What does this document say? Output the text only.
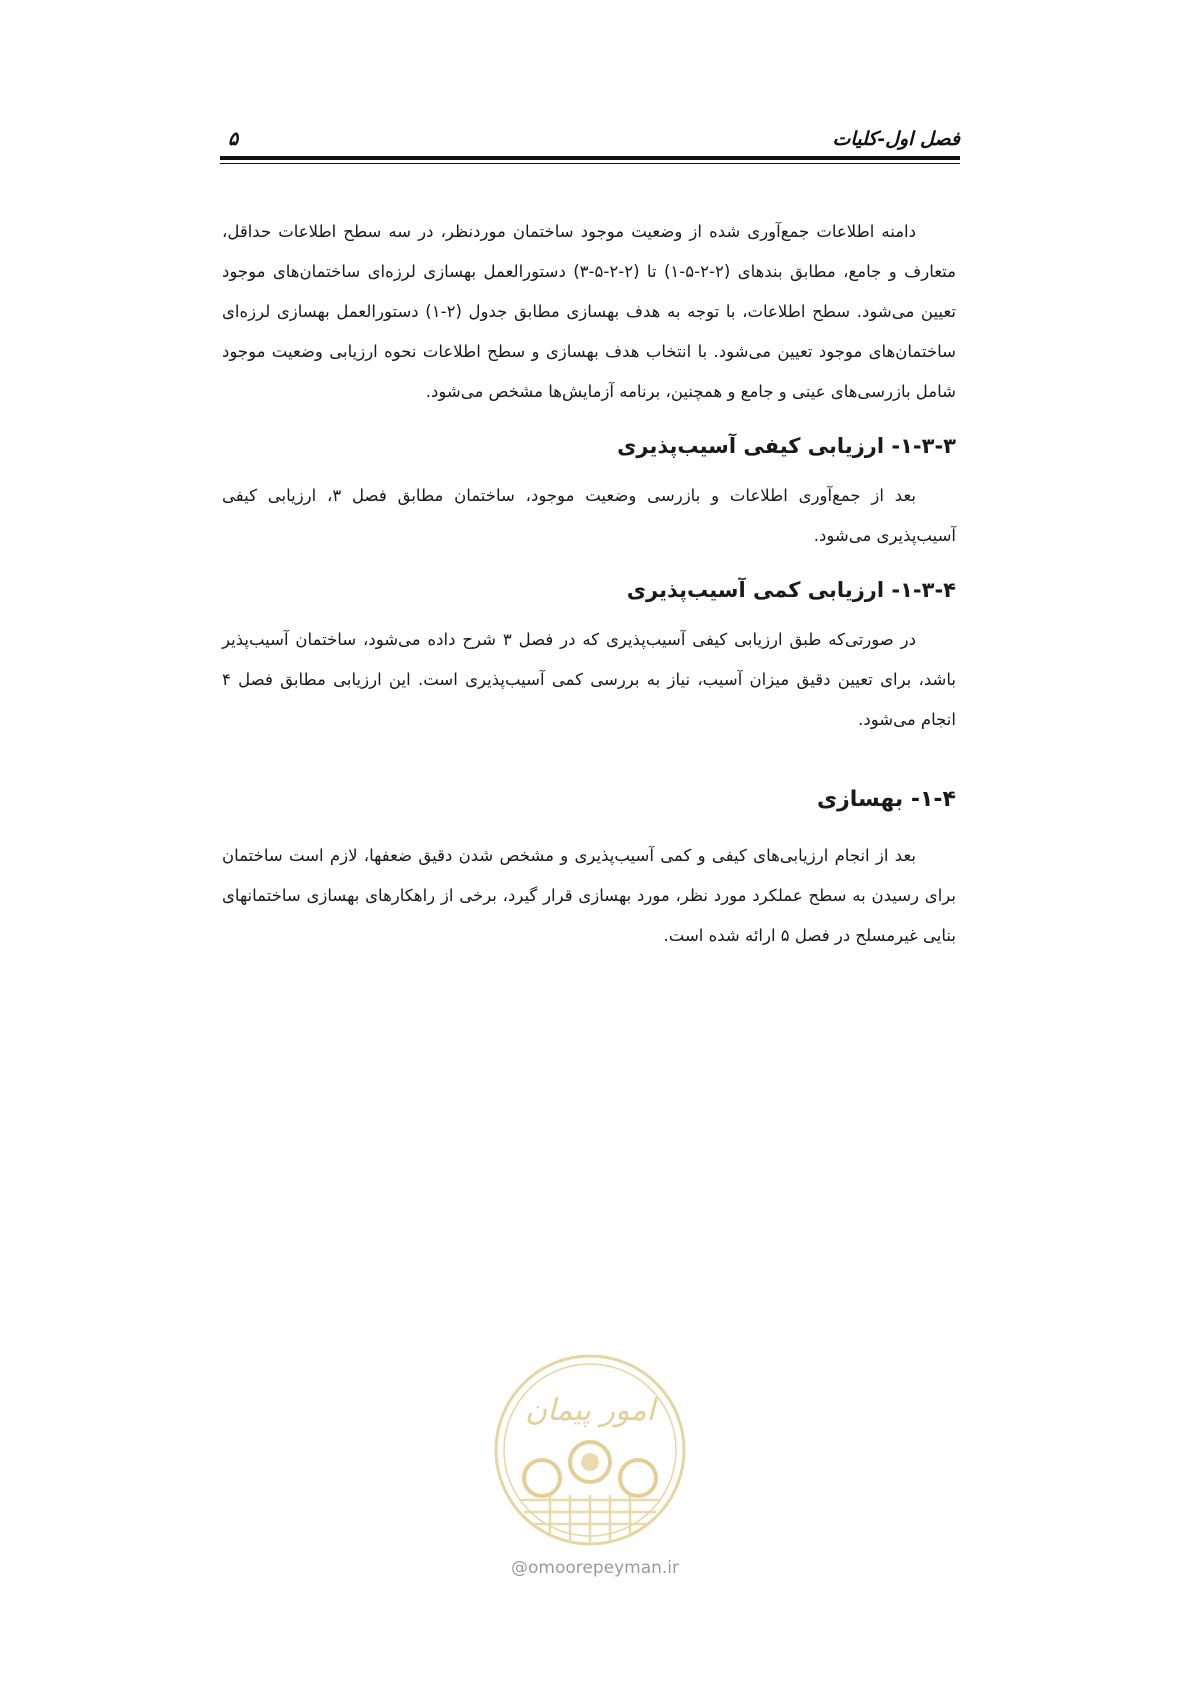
فصل اول-کلیات
۵

دامنه اطلاعات جمع‌آوری شده از وضعیت موجود ساختمان موردنظر، در سه سطح اطلاعات حداقل، متعارف و جامع، مطابق بندهای (۲-۲-۵-۱) تا (۲-۲-۵-۳) دستورالعمل بهسازی لرزه‌ای ساختمان‌های موجود تعیین می‌شود. سطح اطلاعات، با توجه به هدف بهسازی مطابق جدول (۲-۱) دستورالعمل بهسازی لرزه‌ای ساختمان‌های موجود تعیین می‌شود. با انتخاب هدف بهسازی و سطح اطلاعات نحوه ارزیابی وضعیت موجود شامل بازرسی‌های عینی و جامع و همچنین، برنامه آزمایش‌ها مشخص می‌شود.

۱-۳-۳- ارزیابی کیفی آسیب‌پذیری

بعد از جمع‌آوری اطلاعات و بازرسی وضعیت موجود، ساختمان مطابق فصل ۳، ارزیابی کیفی آسیب‌پذیری می‌شود.

۱-۳-۴- ارزیابی کمی آسیب‌پذیری

در صورتی‌که طبق ارزیابی کیفی آسیب‌پذیری که در فصل ۳ شرح داده می‌شود، ساختمان آسیب‌پذیر باشد، برای تعیین دقیق میزان آسیب، نیاز به بررسی کمی آسیب‌پذیری است. این ارزیابی مطابق فصل ۴ انجام می‌شود.

۱-۴- بهسازی

بعد از انجام ارزیابی‌های کیفی و کمی آسیب‌پذیری و مشخص شدن دقیق ضعفها، لازم است ساختمان برای رسیدن به سطح عملکرد مورد نظر، مورد بهسازی قرار گیرد، برخی از راهکارهای بهسازی ساختمانهای بنایی غیرمسلح در فصل ۵ ارائه شده است.

امور پیمان
@omoorepeyman.ir
